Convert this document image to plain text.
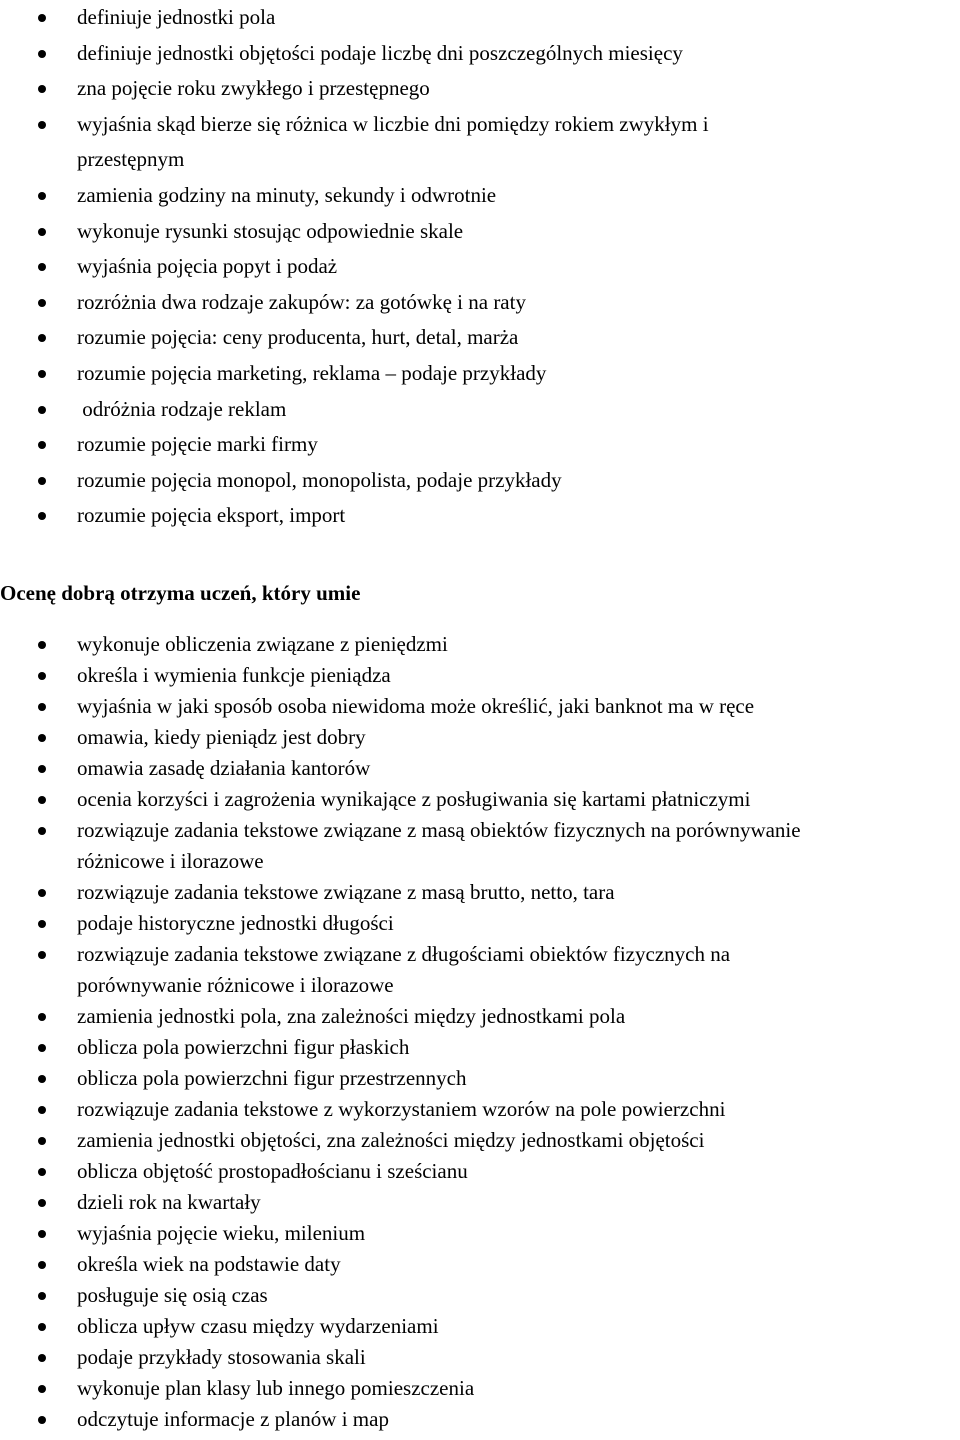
definiuje jednostki pola
definiuje jednostki objętości podaje liczbę dni poszczególnych miesięcy
zna pojęcie roku zwykłego i przestępnego
wyjaśnia skąd bierze się różnica w liczbie dni pomiędzy rokiem zwykłym i
przestępnym
zamienia godziny na minuty, sekundy i odwrotnie
wykonuje rysunki stosując odpowiednie skale
wyjaśnia pojęcia popyt i podaż
rozróżnia dwa rodzaje zakupów: za gotówkę i na raty
rozumie pojęcia: ceny producenta, hurt, detal, marża
rozumie pojęcia marketing, reklama – podaje przykłady
odróżnia rodzaje reklam
rozumie pojęcie marki firmy
rozumie pojęcia monopol, monopolista, podaje przykłady
rozumie pojęcia eksport, import
Ocenę dobrą otrzyma uczeń, który umie
wykonuje obliczenia związane z pieniędzmi
określa i wymienia funkcje pieniądza
wyjaśnia w jaki sposób osoba niewidoma może określić, jaki banknot ma w ręce
omawia, kiedy pieniądz jest dobry
omawia zasadę działania kantorów
ocenia korzyści i zagrożenia wynikające z posługiwania się kartami płatniczymi
rozwiązuje zadania tekstowe związane z masą obiektów fizycznych na porównywanie
różnicowe i ilorazowe
rozwiązuje zadania tekstowe związane z masą brutto, netto, tara
podaje historyczne jednostki długości
rozwiązuje zadania tekstowe związane z długościami obiektów fizycznych na
porównywanie różnicowe i ilorazowe
zamienia jednostki pola, zna zależności między jednostkami pola
oblicza pola powierzchni figur płaskich
oblicza pola powierzchni figur przestrzennych
rozwiązuje zadania tekstowe z wykorzystaniem wzorów na pole powierzchni
zamienia jednostki objętości, zna zależności między jednostkami objętości
oblicza objętość prostopadłościanu i sześcianu
dzieli rok na kwartały
wyjaśnia pojęcie wieku, milenium
określa wiek na podstawie daty
posługuje się osią czas
oblicza upływ czasu między wydarzeniami
podaje przykłady stosowania skali
wykonuje plan klasy lub innego pomieszczenia
odczytuje informacje z planów i map
